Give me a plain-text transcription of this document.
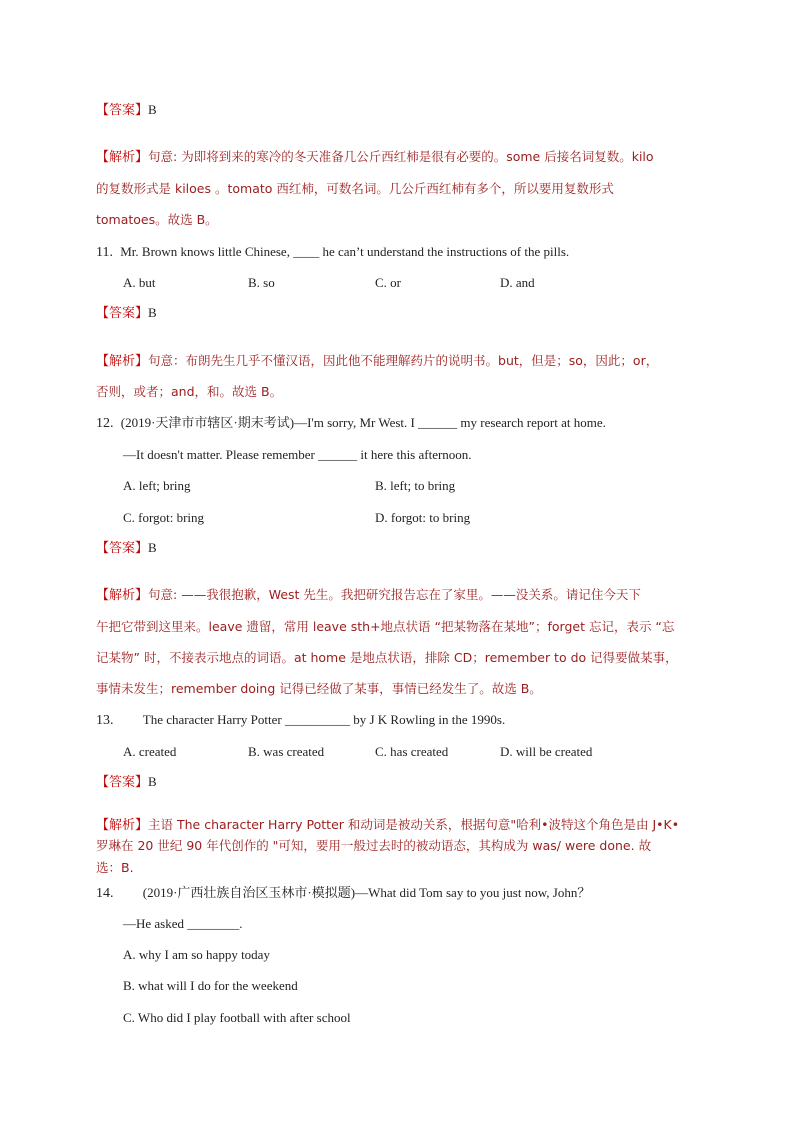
【答案】B
【解析】句意: 为即将到来的寒冷的冬天准备几公斤西红柿是很有必要的。some 后接名词复数。kilo
的复数形式是 kiloes 。tomato 西红柿，可数名词。几公斤西红柿有多个，所以要用复数形式
tomatoes。故选 B。
11. Mr. Brown knows little Chinese, ____ he can’t understand the instructions of the pills.
A. but	B. so	C. or	D. and
【答案】B
【解析】句意：布朗先生几乎不懂汉语，因此他不能理解药片的说明书。but，但是；so，因此；or，
否则，或者；and，和。故选 B。
12. (2019·天津市市辖区·期末考试)—I'm sorry, Mr West. I ______ my research report at home.
—It doesn't matter. Please remember ______ it here this afternoon.
A. left; bring	B. left; to bring
C. forgot: bring	D. forgot: to bring
【答案】B
【解析】句意: ——我很抱歉，West 先生。我把研究报告忘在了家里。——没关系。请记住今天下
午把它带到这里来。leave 遗留，常用 leave sth+地点状语 “把某物落在某地”；forget 忘记，表示 “忘
记某物” 时，不接表示地点的词语。at home 是地点状语，排除 CD；remember to do 记得要做某事，
事情未发生；remember doing 记得已经做了某事，事情已经发生了。故选 B。
13. The character Harry Potter __________ by J K Rowling in the 1990s.
A. created	B. was created	C. has created	D. will be created
【答案】B
【解析】主语 The character Harry Potter 和动词是被动关系，根据句意"哈利•波特这个角色是由 J•K•
罗琳在 20 世纪 90 年代创作的 "可知，要用一般过去时的被动语态，其构成为 was/ were done. 故
选：B.
14. (2019·广西壮族自治区玉林市·模拟题)—What did Tom say to you just now, John？
—He asked ________.
A. why I am so happy today
B. what will I do for the weekend
C. Who did I play football with after school
